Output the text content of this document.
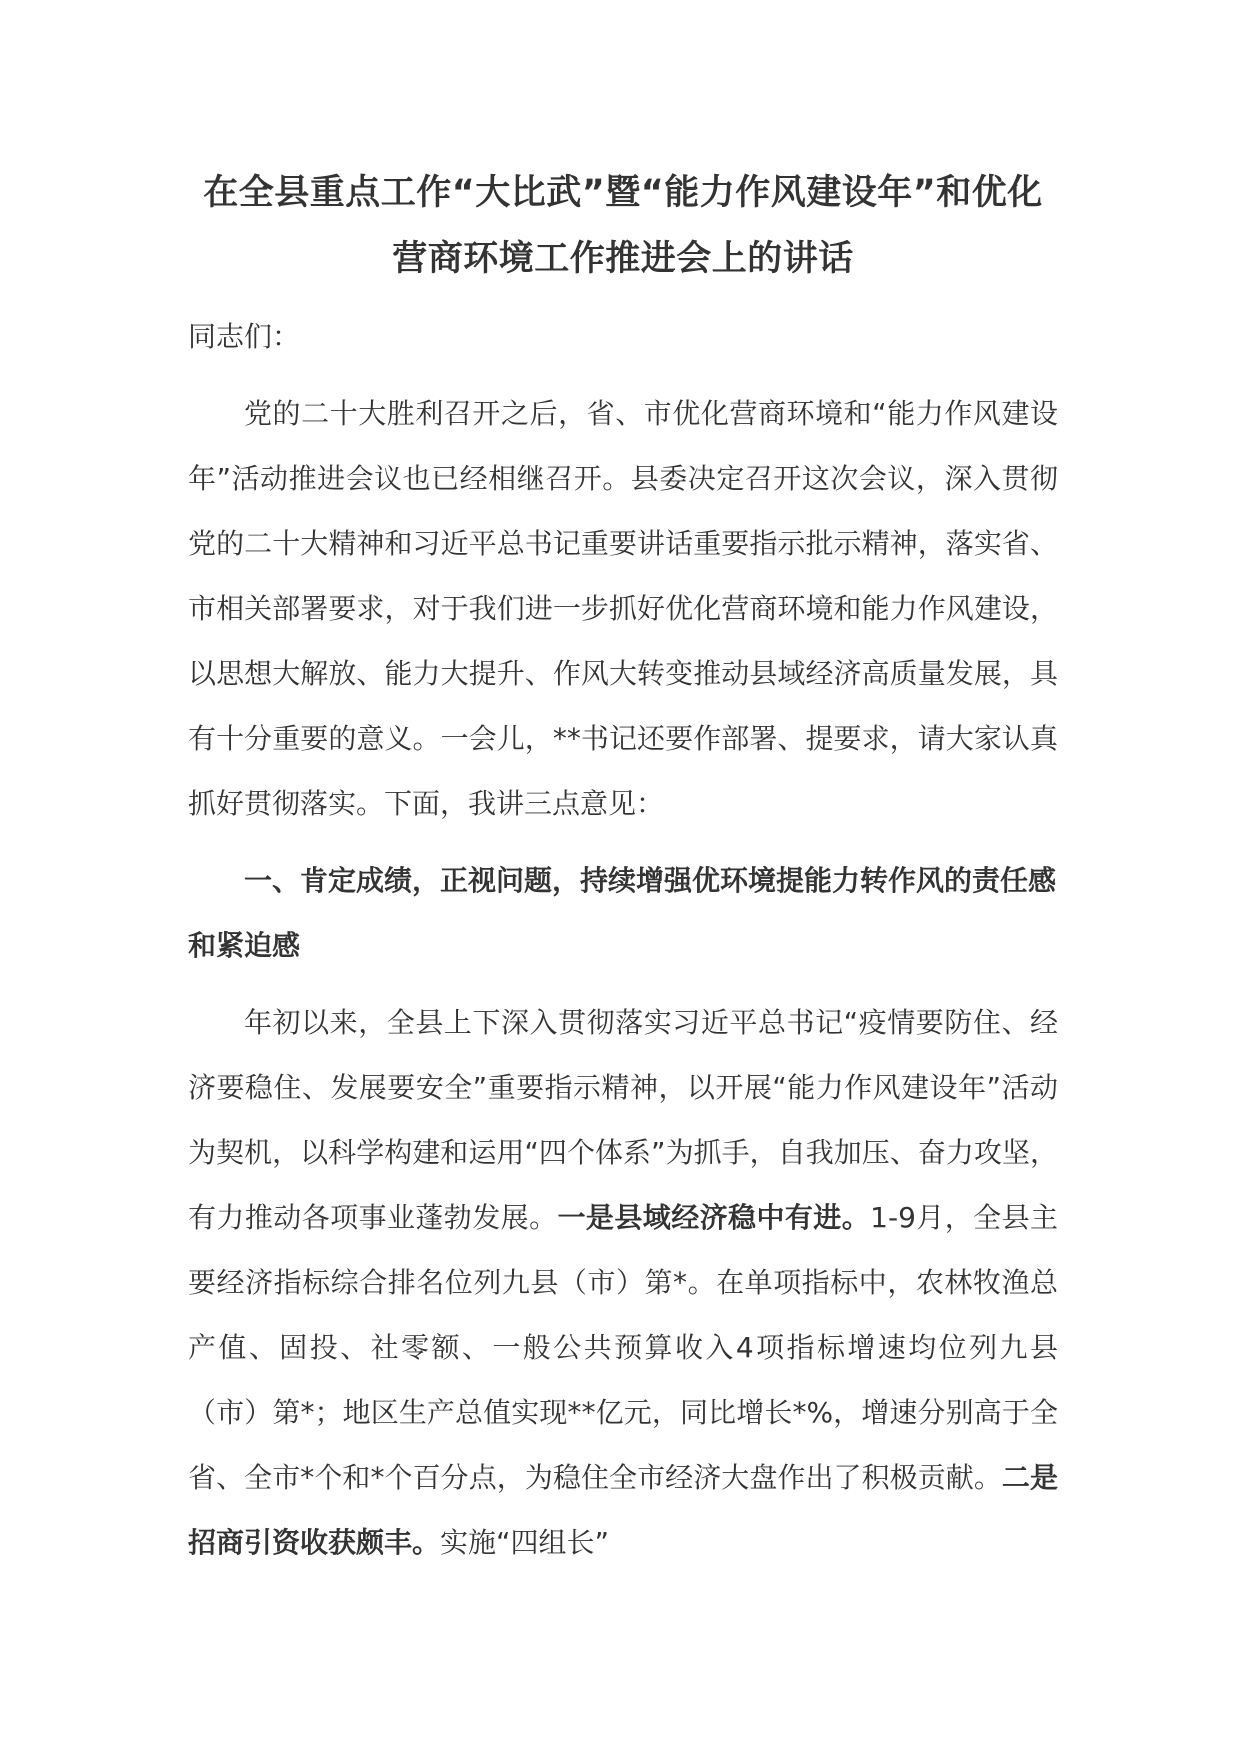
在全县重点工作“大比武”暨“能力作风建设年”和优化
营商环境工作推进会上的讲话

同志们：

党的二十大胜利召开之后，省、市优化营商环境和“能力作风建设年”活动推进会议也已经相继召开。县委决定召开这次会议，深入贯彻党的二十大精神和习近平总书记重要讲话重要指示批示精神，落实省、市相关部署要求，对于我们进一步抓好优化营商环境和能力作风建设，以思想大解放、能力大提升、作风大转变推动县域经济高质量发展，具有十分重要的意义。一会儿，**书记还要作部署、提要求，请大家认真抓好贯彻落实。下面，我讲三点意见：

一、肯定成绩，正视问题，持续增强优环境提能力转作风的责任感和紧迫感

年初以来，全县上下深入贯彻落实习近平总书记“疫情要防住、经济要稳住、发展要安全”重要指示精神，以开展“能力作风建设年”活动为契机，以科学构建和运用“四个体系”为抓手，自我加压、奋力攻坚，有力推动各项事业蓬勃发展。一是县域经济稳中有进。1-9月，全县主要经济指标综合排名位列九县（市）第*。在单项指标中，农林牧渔总产值、固投、社零额、一般公共预算收入4项指标增速均位列九县（市）第*；地区生产总值实现**亿元，同比增长*%，增速分别高于全省、全市*个和*个百分点，为稳住全市经济大盘作出了积极贡献。二是招商引资收获颇丰。实施“四组长”
